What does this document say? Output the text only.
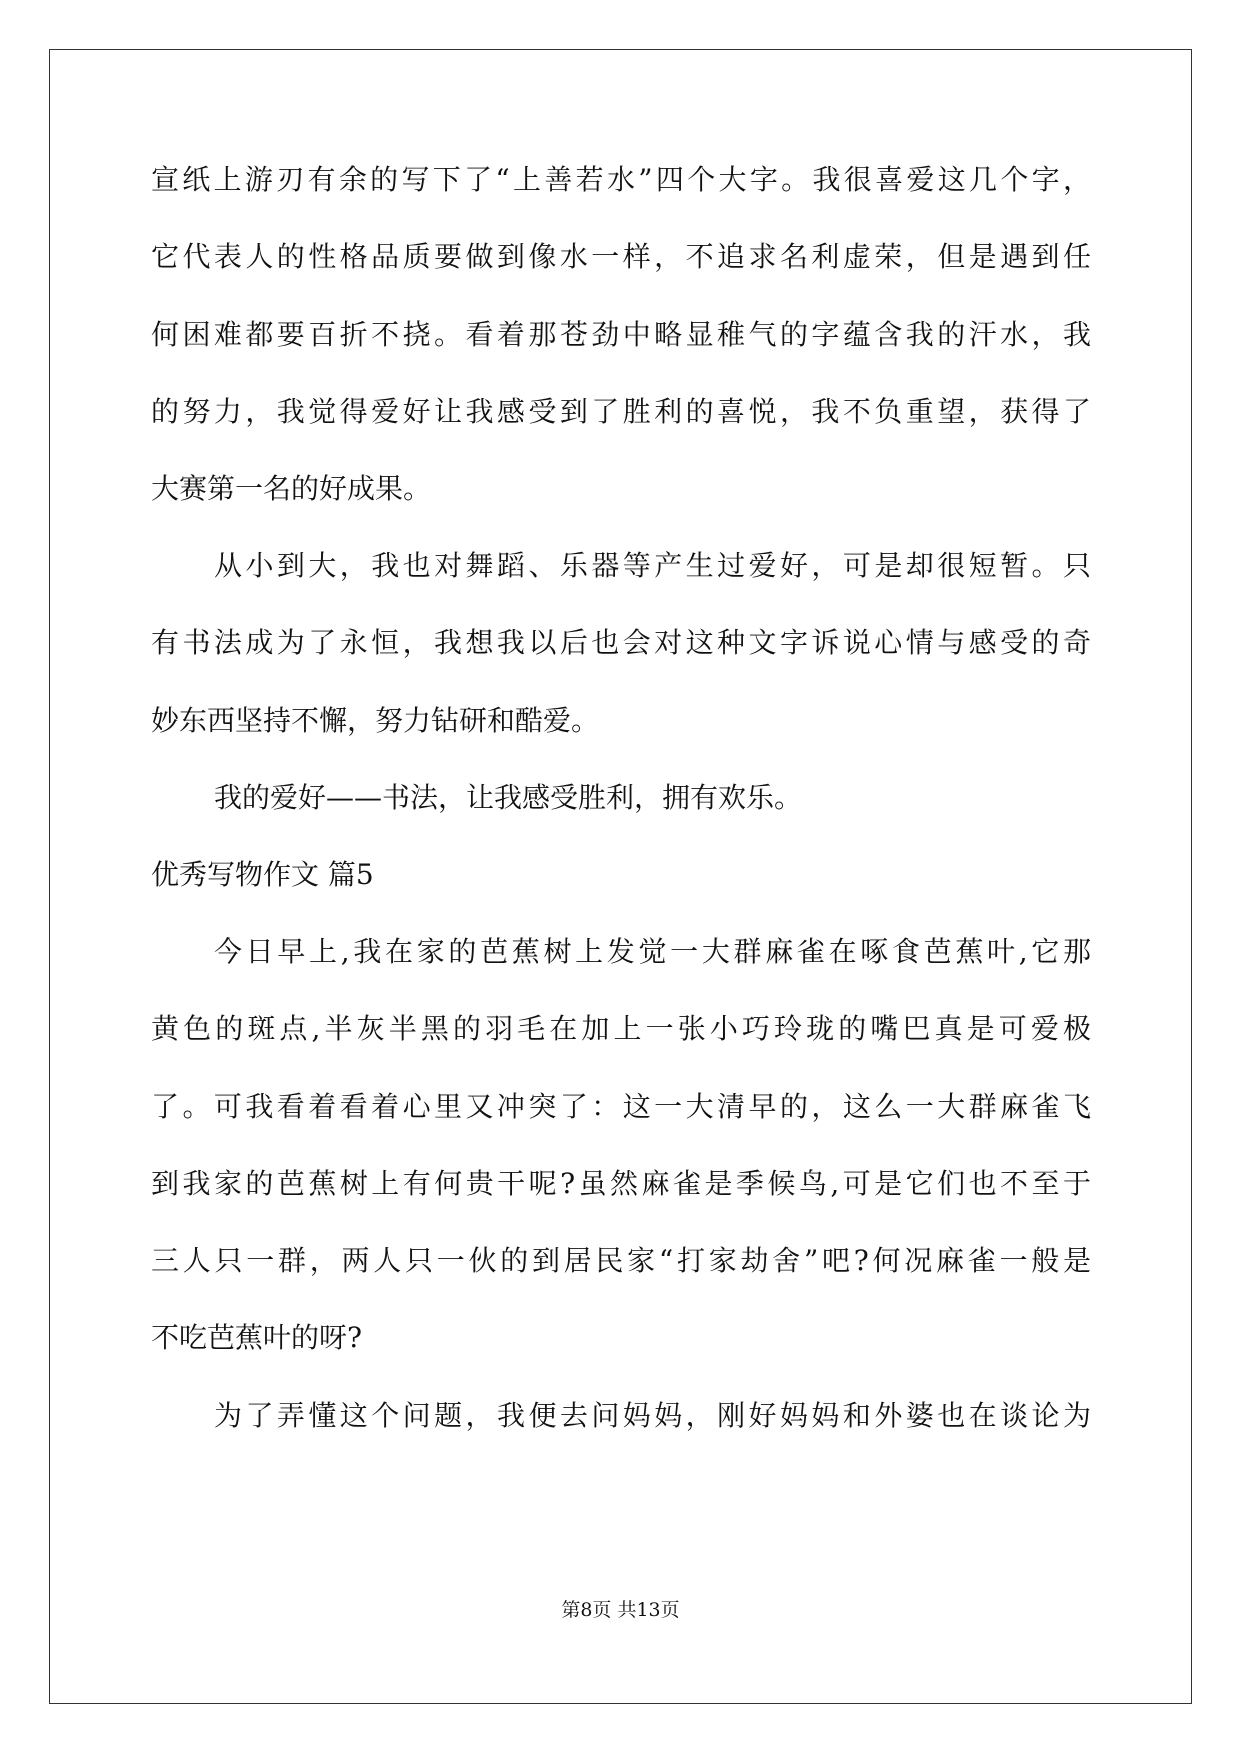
宣纸上游刃有余的写下了“上善若水”四个大字。我很喜爱这几个字，
它代表人的性格品质要做到像水一样，不追求名利虚荣，但是遇到任
何困难都要百折不挠。看着那苍劲中略显稚气的字蕴含我的汗水，我
的努力，我觉得爱好让我感受到了胜利的喜悦，我不负重望，获得了
大赛第一名的好成果。
从小到大，我也对舞蹈、乐器等产生过爱好，可是却很短暂。只
有书法成为了永恒，我想我以后也会对这种文字诉说心情与感受的奇
妙东西坚持不懈，努力钻研和酷爱。
我的爱好——书法，让我感受胜利，拥有欢乐。
优秀写物作文 篇5
今日早上,我在家的芭蕉树上发觉一大群麻雀在啄食芭蕉叶,它那
黄色的斑点,半灰半黑的羽毛在加上一张小巧玲珑的嘴巴真是可爱极
了。可我看着看着心里又冲突了：这一大清早的，这么一大群麻雀飞
到我家的芭蕉树上有何贵干呢?虽然麻雀是季候鸟,可是它们也不至于
三人只一群，两人只一伙的到居民家“打家劫舍”吧?何况麻雀一般是
不吃芭蕉叶的呀?
为了弄懂这个问题，我便去问妈妈，刚好妈妈和外婆也在谈论为
第8页 共13页
